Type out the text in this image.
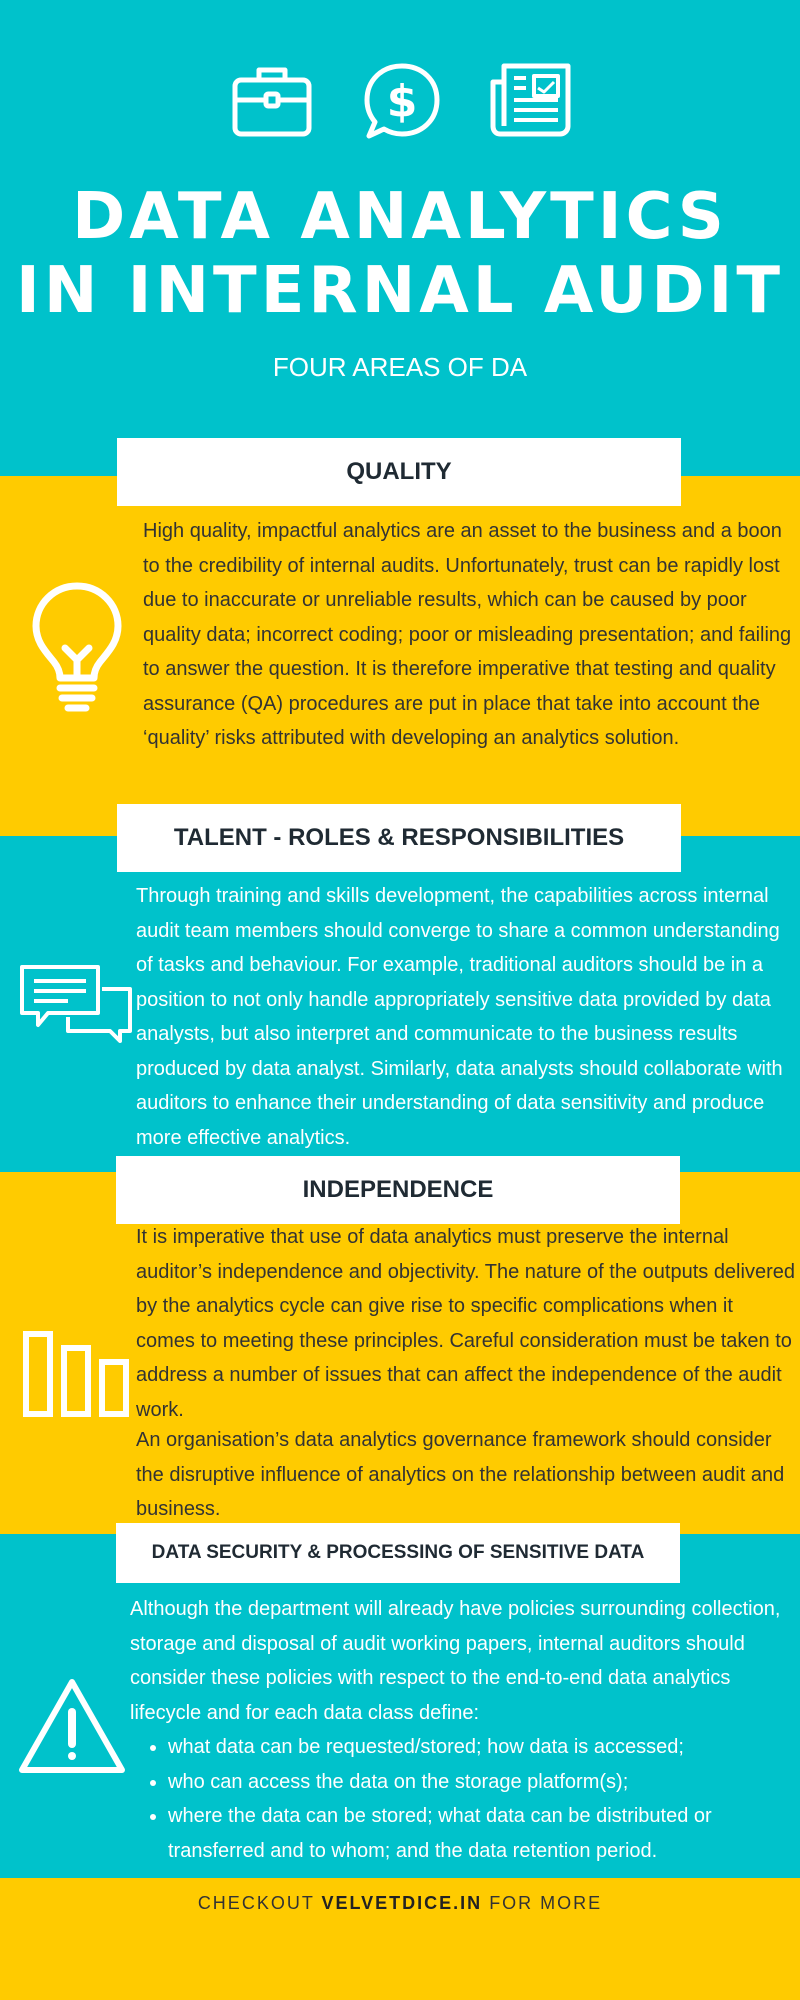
$
DATA ANALYTICS
IN INTERNAL AUDIT

FOUR AREAS OF DA

QUALITY

High quality, impactful analytics are an asset to the business and a boon to the credibility of internal audits. Unfortunately, trust can be rapidly lost due to inaccurate or unreliable results, which can be caused by poor quality data; incorrect coding; poor or misleading presentation; and failing to answer the question. It is therefore imperative that testing and quality assurance (QA) procedures are put in place that take into account the ‘quality’ risks attributed with developing an analytics solution.

TALENT - ROLES & RESPONSIBILITIES

Through training and skills development, the capabilities across internal audit team members should converge to share a common understanding of tasks and behaviour. For example, traditional auditors should be in a position to not only handle appropriately sensitive data provided by data analysts, but also interpret and communicate to the business results produced by data analyst. Similarly, data analysts should collaborate with auditors to enhance their understanding of data sensitivity and produce more effective analytics.

INDEPENDENCE

It is imperative that use of data analytics must preserve the internal auditor’s independence and objectivity. The nature of the outputs delivered by the analytics cycle can give rise to specific complications when it comes to meeting these principles. Careful consideration must be taken to address a number of issues that can affect the independence of the audit work.

An organisation’s data analytics governance framework should consider the disruptive influence of analytics on the relationship between audit and business.

DATA SECURITY & PROCESSING OF SENSITIVE DATA

Although the department will already have policies surrounding collection, storage and disposal of audit working papers, internal auditors should consider these policies with respect to the end-to-end data analytics lifecycle and for each data class define:

• what data can be requested/stored; how data is accessed;
• who can access the data on the storage platform(s);
• where the data can be stored; what data can be distributed or transferred and to whom; and the data retention period.
CHECKOUT VELVETDICE.IN FOR MORE
